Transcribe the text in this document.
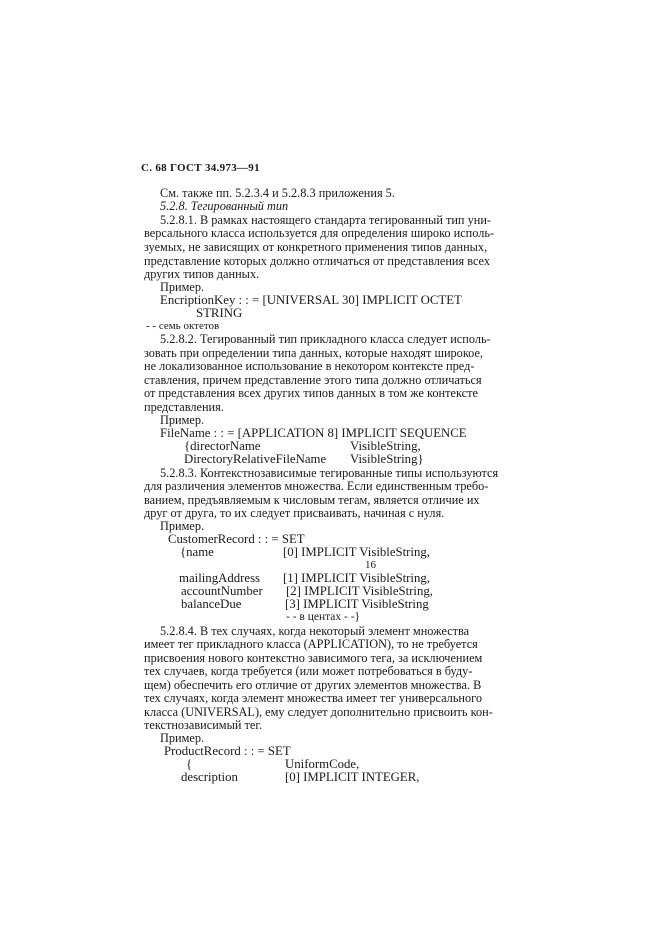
С. 68 ГОСТ 34.973—91
См. также пп. 5.2.3.4 и 5.2.8.3 приложения 5.
5.2.8. Тегированный тип
5.2.8.1. В рамках настоящего стандарта тегированный тип уни-
версального класса используется для определения широко исполь-
зуемых, не зависящих от конкретного применения типов данных,
представление которых должно отличаться от представления всех
других типов данных.
Пример.
EncriptionKey : : = [UNIVERSAL 30] IMPLICIT OCTET
STRING
- - семь октетов
5.2.8.2. Тегированный тип прикладного класса следует исполь-
зовать при определении типа данных, которые находят широкое,
не локализованное использование в некотором контексте пред-
ставления, причем представление этого типа должно отличаться
от представления всех других типов данных в том же контексте
представления.
Пример.
FileName : : = [APPLICATION 8] IMPLICIT SEQUENCE
{directorName	VisibleString,
DirectoryRelativeFileName VisibleString}
5.2.8.3. Контекстнозависимые тегированные типы используются
для различения элементов множества. Если единственным требо-
ванием, предъявляемым к числовым тегам, является отличие их
друг от друга, то их следует присваивать, начиная с нуля.
Пример.
CustomerRecord : : = SET
{name	[0] IMPLICIT VisibleString,
16
mailingAddress [1] IMPLICIT VisibleString,
accountNumber [2] IMPLICIT VisibleString,
balanceDue	[3] IMPLICIT VisibleString
- - в центах - -}
5.2.8.4. В тех случаях, когда некоторый элемент множества
имеет тег прикладного класса (APPLICATION), то не требуется
присвоения нового контекстно зависимого тега, за исключением
тех случаев, когда требуется (или может потребоваться в буду-
щем) обеспечить его отличие от других элементов множества. В
тех случаях, когда элемент множества имеет тег универсального
класса (UNIVERSAL), ему следует дополнительно присвоить кон-
текстнозависимый тег.
Пример.
ProductRecord : : = SET
{	UniformCode,
description	[0] IMPLICIT INTEGER,
